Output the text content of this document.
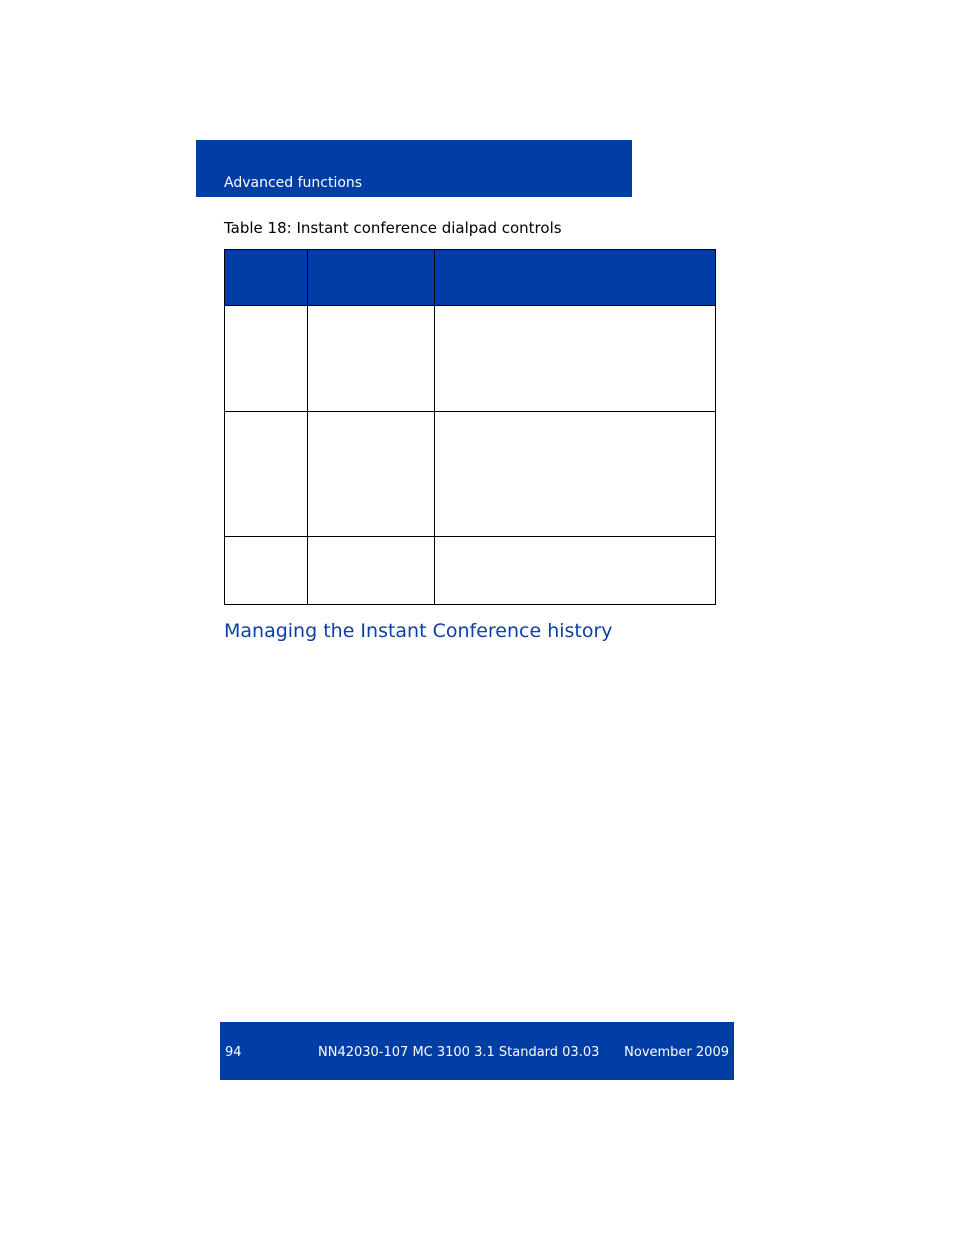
Advanced functions
Table 18: Instant conference dialpad controls

Managing the Instant Conference history
94	NN42030-107 MC 3100 3.1 Standard 03.03 November 2009
